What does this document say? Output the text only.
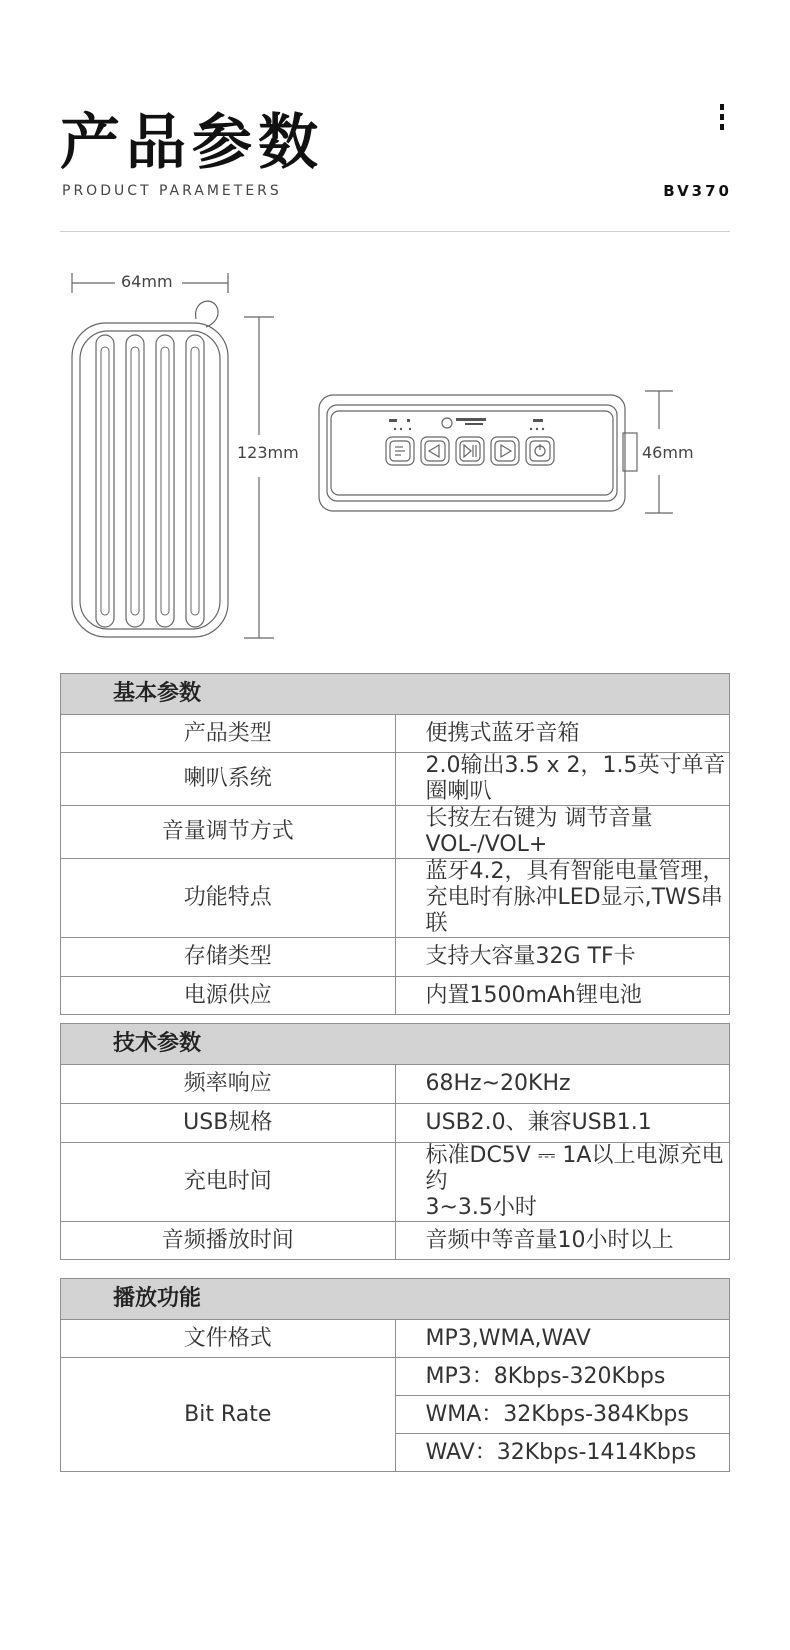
产品参数
PRODUCT PARAMETERS	BV370
64mm
123mm	46mm
基本参数	
产品类型	便携式蓝牙音箱
喇叭系统	2.0输出3.5 x 2，1.5英寸单音圈喇叭
音量调节方式	长按左右键为 调节音量 VOL-/VOL+
功能特点	蓝牙4.2，具有智能电量管理，
充电时有脉冲LED显示,TWS串联

存储类型	支持大容量32G TF卡
电源供应	内置1500mAh锂电池
技术参数	
频率响应	68Hz~20KHz
USB规格	USB2.0、兼容USB1.1
充电时间	标准DC5V ⎓ 1A以上电源充电约
3~3.5小时

音频播放时间	音频中等音量10小时以上
播放功能	
文件格式	MP3,WMA,WAV
Bit Rate	MP3：8Kbps-320Kbps
	WMA：32Kbps-384Kbps
	WAV：32Kbps-1414Kbps
